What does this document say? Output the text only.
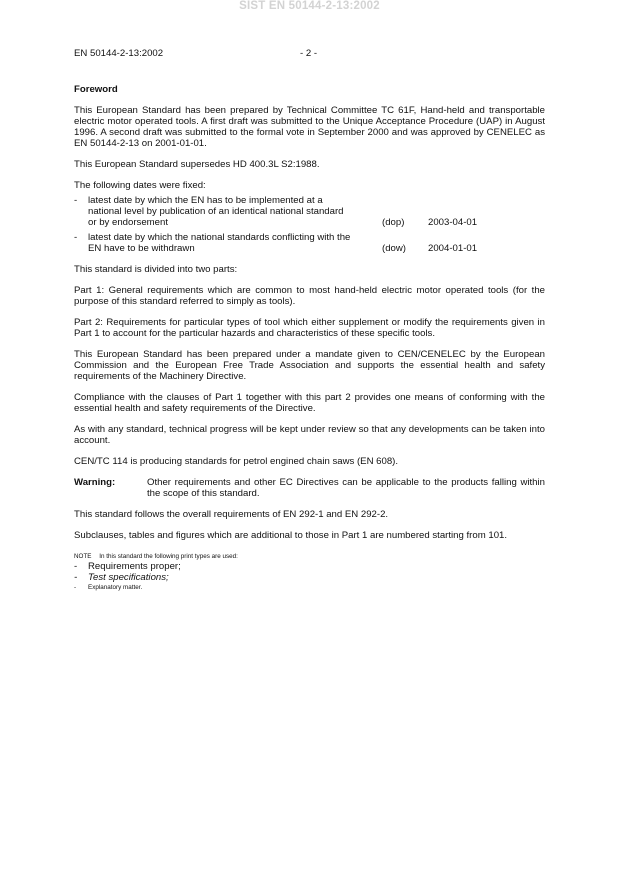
SIST EN 50144-2-13:2002
EN 50144-2-13:2002	- 2 -
Foreword

This European Standard has been prepared by Technical Committee TC 61F, Hand-held and transportable electric motor operated tools. A first draft was submitted to the Unique Acceptance Procedure (UAP) in August 1996. A second draft was submitted to the formal vote in September 2000 and was approved by CENELEC as EN 50144-2-13 on 2001-01-01.

This European Standard supersedes HD 400.3L S2:1988.

The following dates were fixed:

- latest date by which the EN has to be implemented at a national level by publication of an identical national standard or by endorsement	(dop) 2003-04-01
- latest date by which the national standards conflicting with the EN have to be withdrawn	(dow) 2004-01-01

This standard is divided into two parts:

Part 1: General requirements which are common to most hand-held electric motor operated tools (for the purpose of this standard referred to simply as tools).

Part 2: Requirements for particular types of tool which either supplement or modify the requirements given in Part 1 to account for the particular hazards and characteristics of these specific tools.

This European Standard has been prepared under a mandate given to CEN/CENELEC by the European Commission and the European Free Trade Association and supports the essential health and safety requirements of the Machinery Directive.

Compliance with the clauses of Part 1 together with this part 2 provides one means of conforming with the essential health and safety requirements of the Directive.

As with any standard, technical progress will be kept under review so that any developments can be taken into account.

CEN/TC 114 is producing standards for petrol engined chain saws (EN 608).

Warning:	Other requirements and other EC Directives can be applicable to the products falling within the scope of this standard.

This standard follows the overall requirements of EN 292-1 and EN 292-2.

Subclauses, tables and figures which are additional to those in Part 1 are numbered starting from 101.

NOTE In this standard the following print types are used:
- Requirements proper;
- Test specifications;
- Explanatory matter.
